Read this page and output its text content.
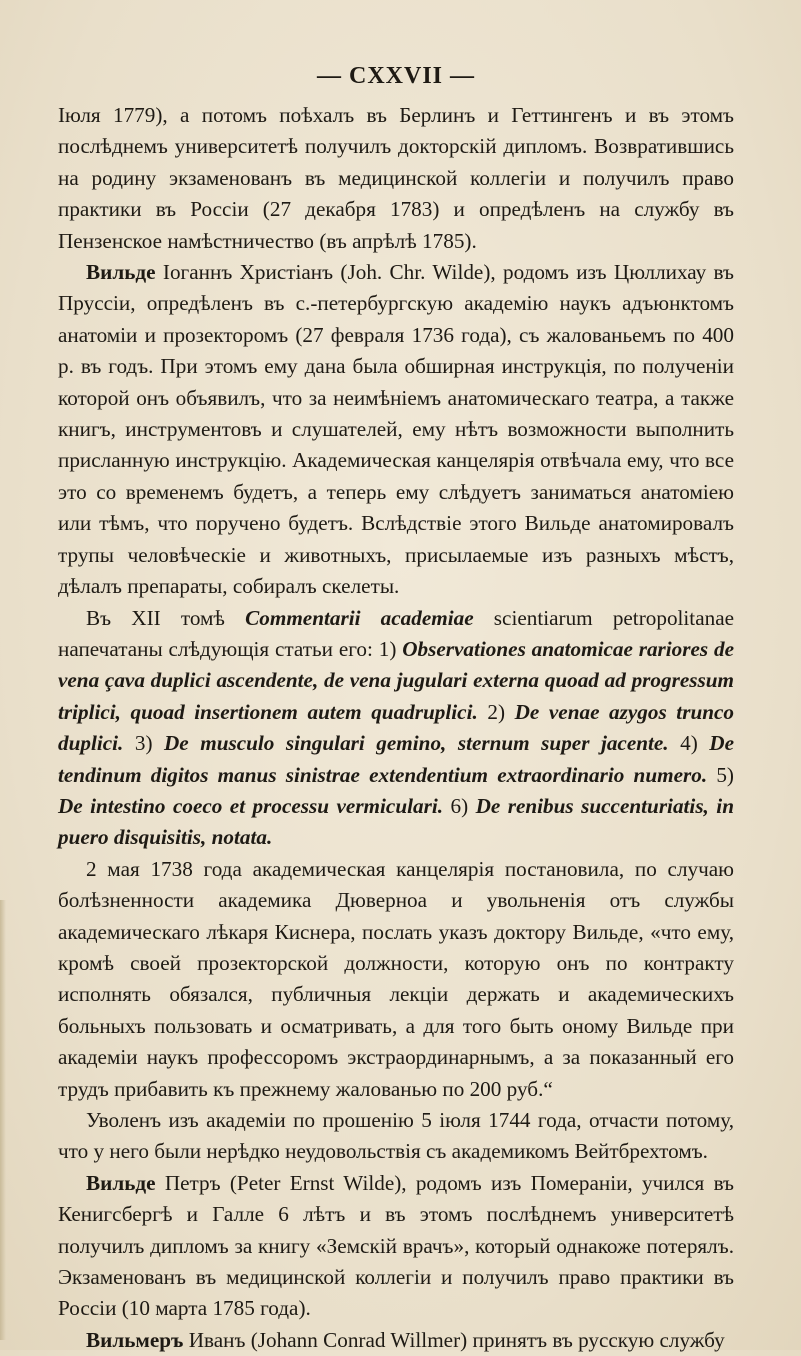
— CXXVII —

Іюля 1779), а потомъ поѣхалъ въ Берлинъ и Геттингенъ и въ этомъ послѣднемъ университетѣ получилъ докторскій дипломъ. Возвратившись на родину экзаменованъ въ медицинской коллегіи и получилъ право практики въ Россіи (27 декабря 1783) и опредѣленъ на службу въ Пензенское намѣстничество (въ апрѣлѣ 1785).

Вильде Іоганнъ Христіанъ (Joh. Chr. Wilde), родомъ изъ Цюллихау въ Пруссіи, опредѣленъ въ с.-петербургскую академію наукъ адъюнктомъ анатоміи и прозекторомъ (27 февраля 1736 года), съ жалованьемъ по 400 р. въ годъ. При этомъ ему дана была обширная инструкція, по полученіи которой онъ объявилъ, что за неимѣніемъ анатомическаго театра, а также книгъ, инструментовъ и слушателей, ему нѣтъ возможности выполнить присланную инструкцію. Академическая канцелярія отвѣчала ему, что все это со временемъ будетъ, а теперь ему слѣдуетъ заниматься анатоміею или тѣмъ, что поручено будетъ. Вслѣдствіе этого Вильде анатомировалъ трупы человѣческіе и животныхъ, присылаемые изъ разныхъ мѣстъ, дѣлалъ препараты, собиралъ скелеты.

Въ XII томѣ Commentarii academiae scientiarum petropolitanae напечатаны слѣдующія статьи его: 1) Observationes anatomicae rariores de vena çava duplici ascendente, de vena jugulari externa quoad ad progressum triplici, quoad insertionem autem quadruplici. 2) De venae azygos trunco duplici. 3) De musculo singulari gemino, sternum super jacente. 4) De tendinum digitos manus sinistrae extendentium extraordinario numero. 5) De intestino coeco et processu vermiculari. 6) De renibus succenturiatis, in puero disquisitis, notata.

2 мая 1738 года академическая канцелярія постановила, по случаю болѣзненности академика Дюверноа и увольненія отъ службы академическаго лѣкаря Киснера, послать указъ доктору Вильде, «что ему, кромѣ своей прозекторской должности, которую онъ по контракту исполнять обязался, публичныя лекціи держать и академическихъ больныхъ пользовать и осматривать, а для того быть оному Вильде при академіи наукъ профессоромъ экстраординарнымъ, а за показанный его трудъ прибавить къ прежнему жалованью по 200 руб.“

Уволенъ изъ академіи по прошенію 5 іюля 1744 года, отчасти потому, что у него были нерѣдко неудовольствія съ академикомъ Вейтбрехтомъ.

Вильде Петръ (Peter Ernst Wilde), родомъ изъ Помераніи, учился въ Кенигсбергѣ и Галле 6 лѣтъ и въ этомъ послѣднемъ университетѣ получилъ дипломъ за книгу «Земскій врачъ», который однакоже потерялъ. Экзаменованъ въ медицинской коллегіи и получилъ право практики въ Россіи (10 марта 1785 года).

Вильмеръ Иванъ (Johann Conrad Willmer) принятъ въ русскую службу
